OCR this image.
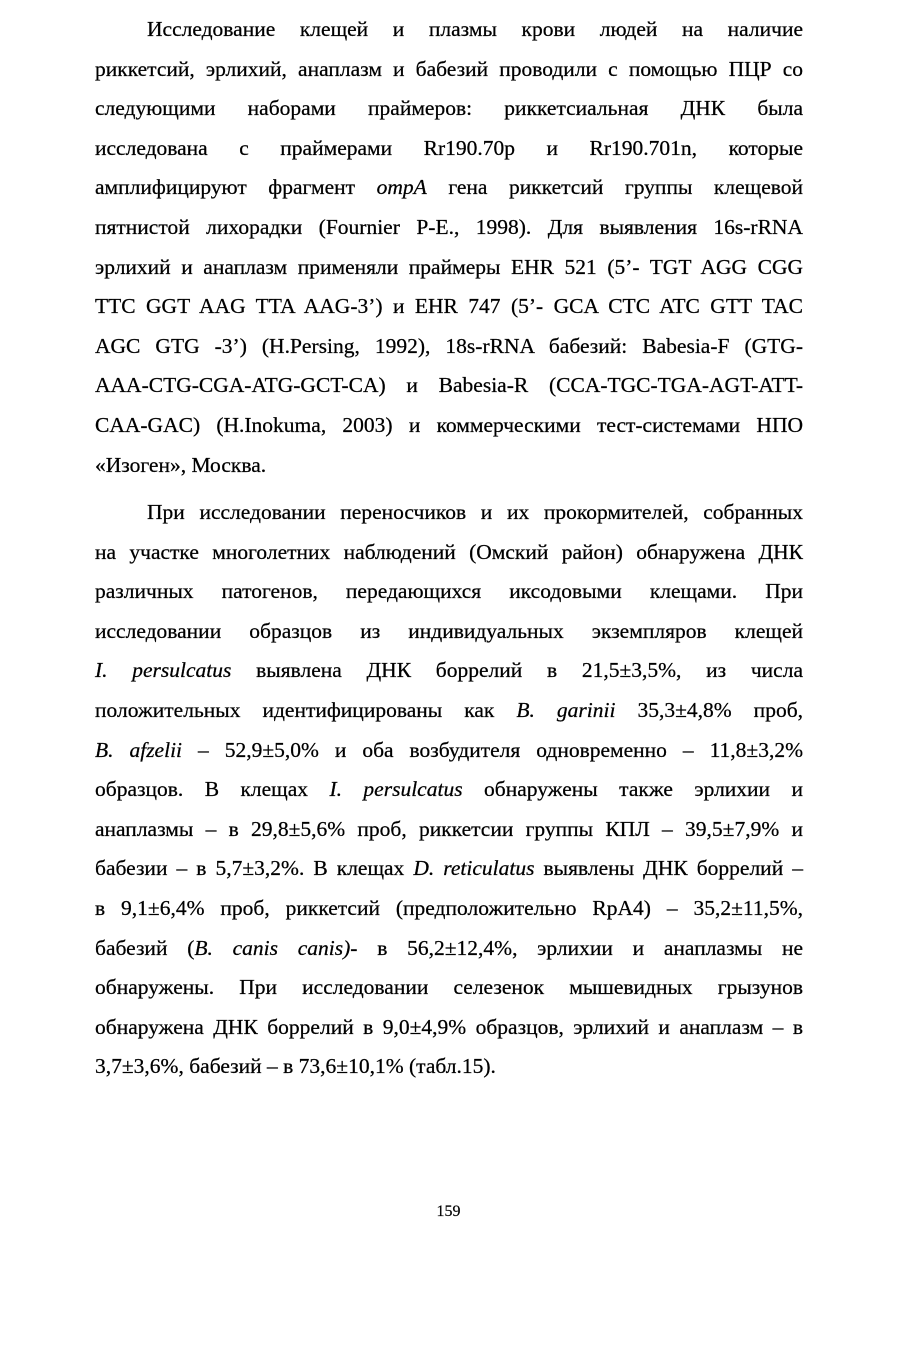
Исследование клещей и плазмы крови людей на наличие
риккетсий, эрлихий, анаплазм и бабезий проводили с помощью ПЦР со
следующими наборами праймеров: риккетсиальная ДНК была
исследована с праймерами Rr190.70p и Rr190.701n, которые
амплифицируют фрагмент ompA гена риккетсий группы клещевой
пятнистой лихорадки (Fournier P-E., 1998). Для выявления 16s-rRNA
эрлихий и анаплазм применяли праймеры EHR 521 (5’- TGT AGG CGG
TTC GGT AAG TTA AAG-3’) и EHR 747 (5’- GCA CTC ATC GTT TAC
AGC GTG -3’) (H.Persing, 1992), 18s-rRNA бабезий: Babesia-F (GTG-
AAA-CTG-CGA-ATG-GCT-CA) и Babesia-R (CCA-TGC-TGA-AGT-ATT-
CAA-GAC) (H.Inokuma, 2003) и коммерческими тест-системами НПО
«Изоген», Москва.
При исследовании переносчиков и их прокормителей, собранных
на участке многолетних наблюдений (Омский район) обнаружена ДНК
различных патогенов, передающихся иксодовыми клещами. При
исследовании образцов из индивидуальных экземпляров клещей
I. persulcatus выявлена ДНК боррелий в 21,5±3,5%, из числа
положительных идентифицированы как B. garinii 35,3±4,8% проб,
B. afzelii – 52,9±5,0% и оба возбудителя одновременно – 11,8±3,2%
образцов. В клещах I. persulcatus обнаружены также эрлихии и
анаплазмы – в 29,8±5,6% проб, риккетсии группы КПЛ – 39,5±7,9% и
бабезии – в 5,7±3,2%. В клещах D. reticulatus выявлены ДНК боррелий –
в 9,1±6,4% проб, риккетсий (предположительно RpA4) – 35,2±11,5%,
бабезий (B. canis canis)- в 56,2±12,4%, эрлихии и анаплазмы не
обнаружены. При исследовании селезенок мышевидных грызунов
обнаружена ДНК боррелий в 9,0±4,9% образцов, эрлихий и анаплазм – в
3,7±3,6%, бабезий – в 73,6±10,1% (табл.15).
159
